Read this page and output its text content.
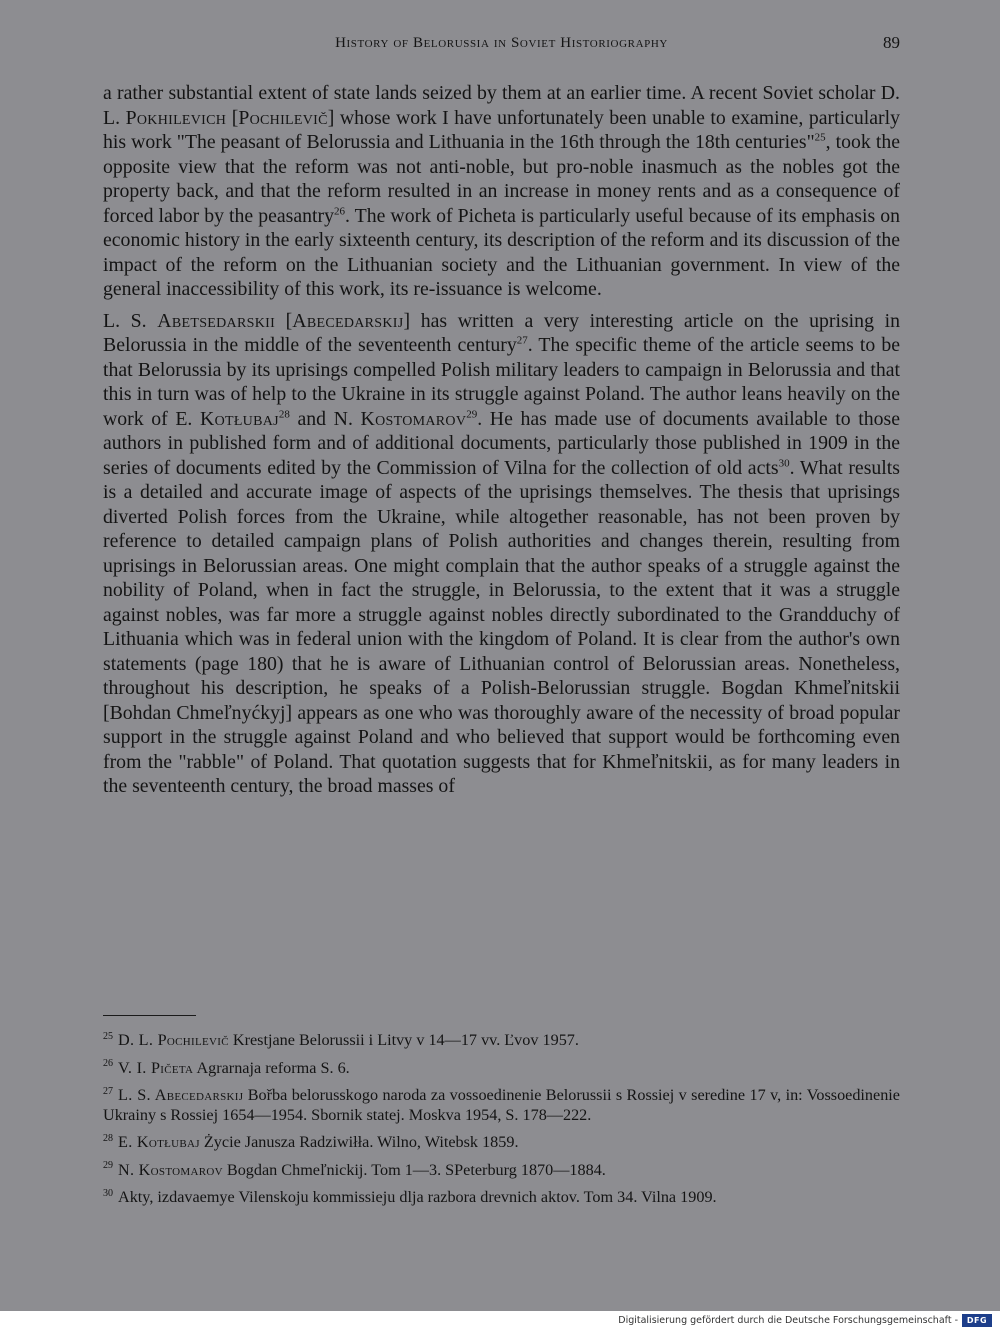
History of Belorussia in Soviet Historiography	89

a rather substantial extent of state lands seized by them at an earlier time. A recent Soviet scholar D. L. Pokhilevich [Pochilevič] whose work I have unfortunately been unable to examine, particularly his work "The peasant of Belorussia and Lithuania in the 16th through the 18th centuries"$^{25}$, took the opposite view that the reform was not anti-noble, but pro-noble inasmuch as the nobles got the property back, and that the reform resulted in an increase in money rents and as a consequence of forced labor by the peasantry$^{26}$. The work of Picheta is particularly useful because of its emphasis on economic history in the early sixteenth century, its description of the reform and its discussion of the impact of the reform on the Lithuanian society and the Lithuanian government. In view of the general inaccessibility of this work, its re-issuance is welcome.

L. S. Abetsedarskii [Abecedarskij] has written a very interesting article on the uprising in Belorussia in the middle of the seventeenth century$^{27}$. The specific theme of the article seems to be that Belorussia by its uprisings compelled Polish military leaders to campaign in Belorussia and that this in turn was of help to the Ukraine in its struggle against Poland. The author leans heavily on the work of E. Kotłubaj$^{28}$ and N. Kostomarov$^{29}$. He has made use of documents available to those authors in published form and of additional documents, particularly those published in 1909 in the series of documents edited by the Commission of Vilna for the collection of old acts$^{30}$. What results is a detailed and accurate image of aspects of the uprisings themselves. The thesis that uprisings diverted Polish forces from the Ukraine, while altogether reasonable, has not been proven by reference to detailed campaign plans of Polish authorities and changes therein, resulting from uprisings in Belorussian areas. One might complain that the author speaks of a struggle against the nobility of Poland, when in fact the struggle, in Belorussia, to the extent that it was a struggle against nobles, was far more a struggle against nobles directly subordinated to the Grandduchy of Lithuania which was in federal union with the kingdom of Poland. It is clear from the author's own statements (page 180) that he is aware of Lithuanian control of Belorussian areas. Nonetheless, throughout his description, he speaks of a Polish-Belorussian struggle. Bogdan Khmeľnitskii [Bohdan Chmeľnyćkyj] appears as one who was thoroughly aware of the necessity of broad popular support in the struggle against Poland and who believed that support would be forthcoming even from the "rabble" of Poland. That quotation suggests that for Khmeľnitskii, as for many leaders in the seventeenth century, the broad masses of

$^{25}$ D. L. Pochilevič Krestjane Belorussii i Litvy v 14—17 vv. Ľvov 1957.

$^{26}$ V. I. Pičeta Agrarnaja reforma S. 6.

$^{27}$ L. S. Abecedarskij Bořba belorusskogo naroda za vossoedinenie Belorussii s Rossiej v seredine 17 v, in: Vossoedinenie Ukrainy s Rossiej 1654—1954. Sbornik statej. Moskva 1954, S. 178—222.

$^{28}$ E. Kotłubaj Życie Janusza Radziwiłła. Wilno, Witebsk 1859.

$^{29}$ N. Kostomarov Bogdan Chmeľnickij. Tom 1—3. SPeterburg 1870—1884.

$^{30}$ Akty, izdavaemye Vilenskoju kommissieju dlja razbora drevnich aktov. Tom 34. Vilna 1909.

Digitalisierung gefördert durch die Deutsche Forschungsgemeinschaft -	DFG
